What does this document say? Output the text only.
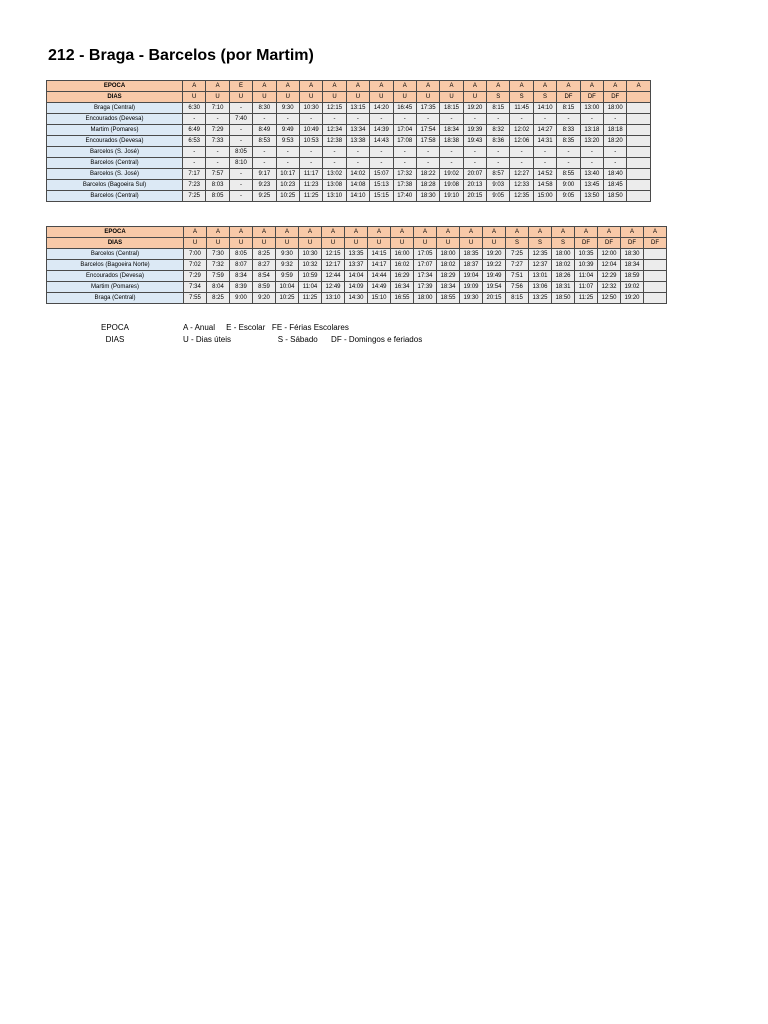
212 - Braga - Barcelos (por Martim)
EPOCA	A	A	E	A	A	A	A	A	A	A	A	A	A	A	A	A	A	A	A	A
DIAS	U	U	U	U	U	U	U	U	U	U	U	U	U	S	S	S	DF	DF	DF	
Braga (Central)	6:30	7:10	-	8:30	9:30	10:30	12:15	13:15	14:20	16:45	17:35	18:15	19:20	8:15	11:45	14:10	8:15	13:00	18:00	
Encourados (Devesa)	-	-	7:40	-	-	-	-	-	-	-	-	-	-	-	-	-	-	-	-	
Martim (Pomares)	6:49	7:29	-	8:49	9:49	10:49	12:34	13:34	14:39	17:04	17:54	18:34	19:39	8:32	12:02	14:27	8:33	13:18	18:18	
Encourados (Devesa)	6:53	7:33	-	8:53	9:53	10:53	12:38	13:38	14:43	17:08	17:58	18:38	19:43	8:36	12:06	14:31	8:35	13:20	18:20	
Barcelos (S. José)	-	-	8:05	-	-	-	-	-	-	-	-	-	-	-	-	-	-	-	-	
Barcelos (Central)	-	-	8:10	-	-	-	-	-	-	-	-	-	-	-	-	-	-	-	-	
Barcelos (S. José)	7:17	7:57	-	9:17	10:17	11:17	13:02	14:02	15:07	17:32	18:22	19:02	20:07	8:57	12:27	14:52	8:55	13:40	18:40	
Barcelos (Bagoeira Sul)	7:23	8:03	-	9:23	10:23	11:23	13:08	14:08	15:13	17:38	18:28	19:08	20:13	9:03	12:33	14:58	9:00	13:45	18:45	
Barcelos (Central)	7:25	8:05	-	9:25	10:25	11:25	13:10	14:10	15:15	17:40	18:30	19:10	20:15	9:05	12:35	15:00	9:05	13:50	18:50	
EPOCA	A	A	A	A	A	A	A	A	A	A	A	A	A	A	A	A	A	A	A	A	A
DIAS	U	U	U	U	U	U	U	U	U	U	U	U	U	U	S	S	S	DF	DF	DF	DF
Barcelos (Central)	7:00	7:30	8:05	8:25	9:30	10:30	12:15	13:35	14:15	16:00	17:05	18:00	18:35	19:20	7:25	12:35	18:00	10:35	12:00	18:30	
Barcelos (Bagoeira Norte)	7:02	7:32	8:07	8:27	9:32	10:32	12:17	13:37	14:17	16:02	17:07	18:02	18:37	19:22	7:27	12:37	18:02	10:39	12:04	18:34	
Encourados (Devesa)	7:29	7:59	8:34	8:54	9:59	10:59	12:44	14:04	14:44	16:29	17:34	18:29	19:04	19:49	7:51	13:01	18:26	11:04	12:29	18:59	
Martim (Pomares)	7:34	8:04	8:39	8:59	10:04	11:04	12:49	14:09	14:49	16:34	17:39	18:34	19:09	19:54	7:56	13:06	18:31	11:07	12:32	19:02	
Braga (Central)	7:55	8:25	9:00	9:20	10:25	11:25	13:10	14:30	15:10	16:55	18:00	18:55	19:30	20:15	8:15	13:25	18:50	11:25	12:50	19:20	
EPOCA	A - Anual     E - Escolar   FE - Férias Escolares
DIAS	U - Dias úteis                     S - Sábado      DF - Domingos e feriados
